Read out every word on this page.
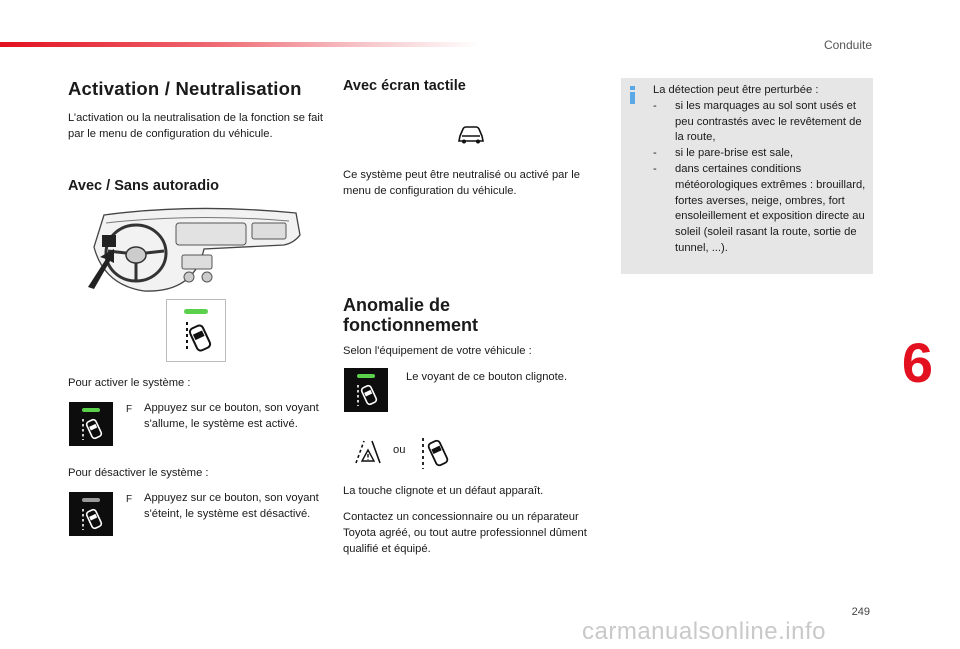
Conduite
Activation / Neutralisation

L’activation ou la neutralisation de la fonction se fait par le menu de configuration du véhicule.

Avec / Sans autoradio

Pour activer le système :

F Appuyez sur ce bouton, son voyant s'allume, le système est activé.

Pour désactiver le système :

F Appuyez sur ce bouton, son voyant s'éteint, le système est désactivé.

Avec écran tactile

Ce système peut être neutralisé ou activé par le menu de configuration du véhicule.

Anomalie de
fonctionnement

Selon l'équipement de votre véhicule :

Le voyant de ce bouton clignote.

ou

La touche clignote et un défaut apparaît.

Contactez un concessionnaire ou un réparateur Toyota agréé, ou tout autre professionnel dûment qualifié et équipé.

La détection peut être perturbée :
-	si les marquages au sol sont usés et peu contrastés avec le revêtement de la route,
-	si le pare-brise est sale,
-	dans certaines conditions météorologiques extrêmes : brouillard, fortes averses, neige, ombres, fort ensoleillement et exposition directe au soleil (soleil rasant la route, sortie de tunnel, ...).
6
249
carmanualsonline.info
